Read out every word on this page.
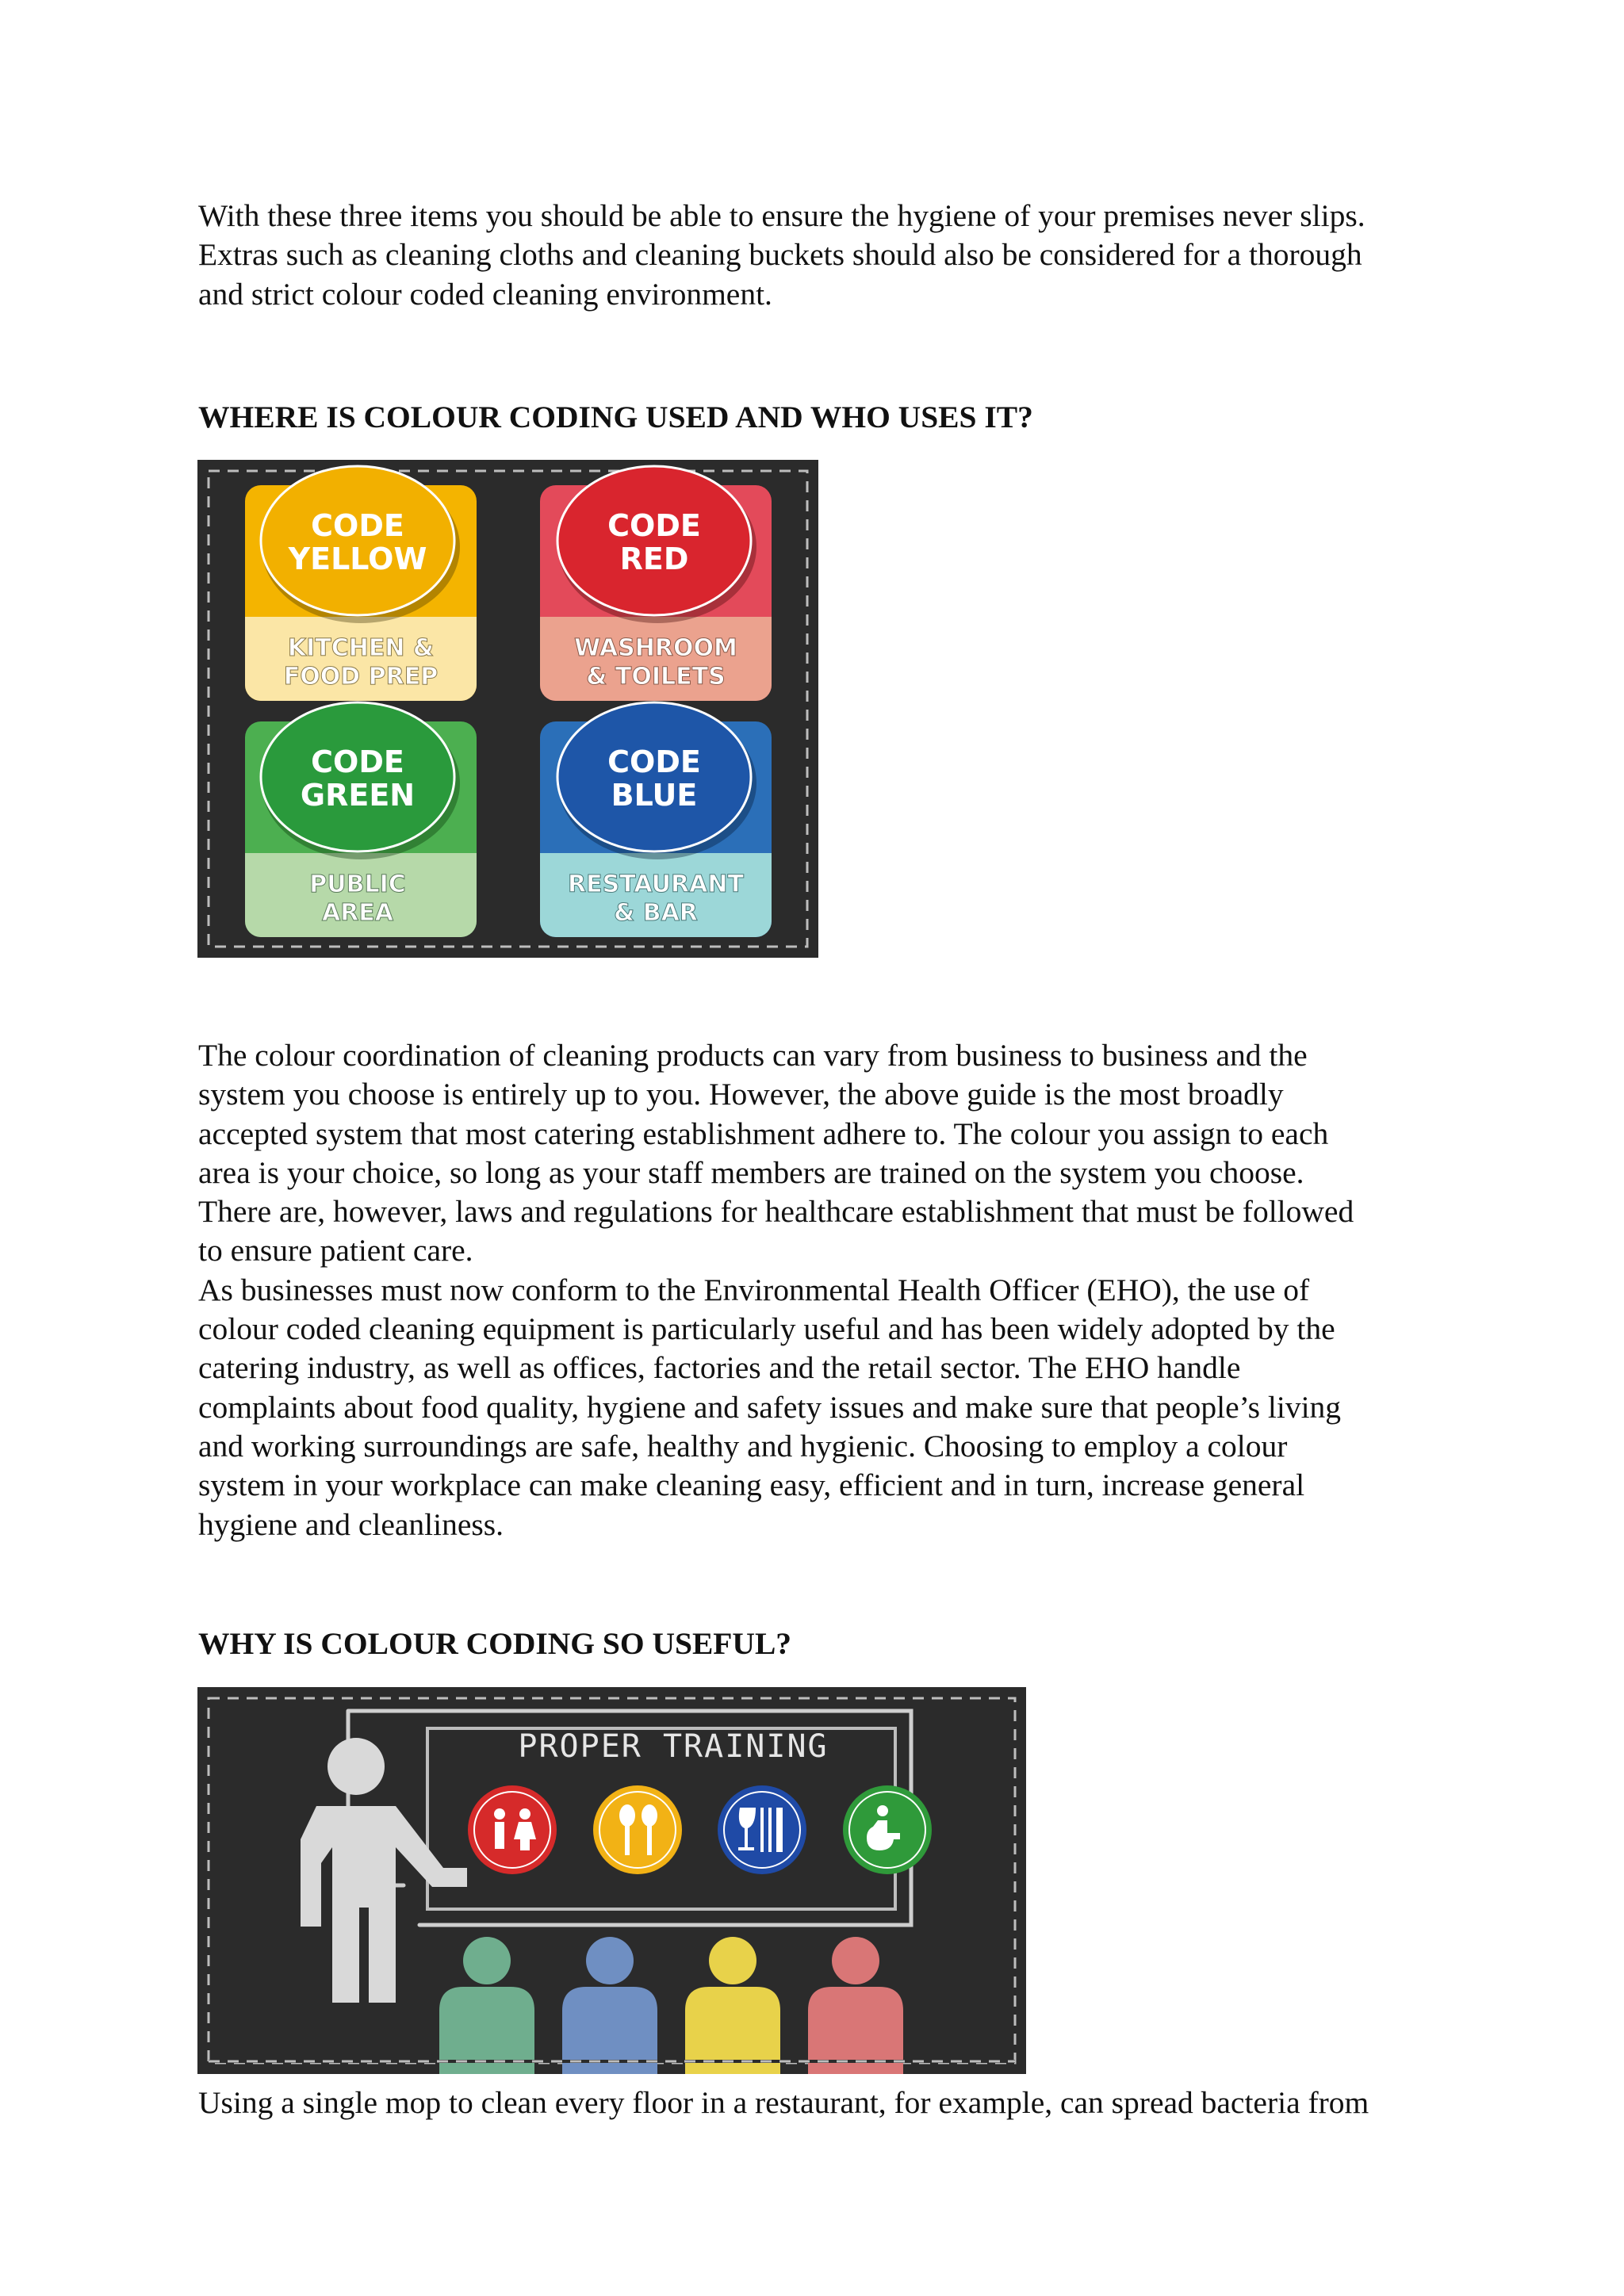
With these three items you should be able to ensure the hygiene of your premises never slips.
Extras such as cleaning cloths and cleaning buckets should also be considered for a thorough
and strict colour coded cleaning environment.
WHERE IS COLOUR CODING USED AND WHO USES IT?
CODE
YELLOW
KITCHEN &
FOOD PREP
CODE
RED
WASHROOM
& TOILETS
CODE
GREEN
PUBLIC
AREA
CODE
BLUE
RESTAURANT
& BAR
The colour coordination of cleaning products can vary from business to business and the
system you choose is entirely up to you. However, the above guide is the most broadly
accepted system that most catering establishment adhere to. The colour you assign to each
area is your choice, so long as your staff members are trained on the system you choose.
There are, however, laws and regulations for healthcare establishment that must be followed
to ensure patient care.
As businesses must now conform to the Environmental Health Officer (EHO), the use of
colour coded cleaning equipment is particularly useful and has been widely adopted by the
catering industry, as well as offices, factories and the retail sector. The EHO handle
complaints about food quality, hygiene and safety issues and make sure that people’s living
and working surroundings are safe, healthy and hygienic. Choosing to employ a colour
system in your workplace can make cleaning easy, efficient and in turn, increase general
hygiene and cleanliness.
WHY IS COLOUR CODING SO USEFUL?
PROPER TRAINING
Using a single mop to clean every floor in a restaurant, for example, can spread bacteria from
